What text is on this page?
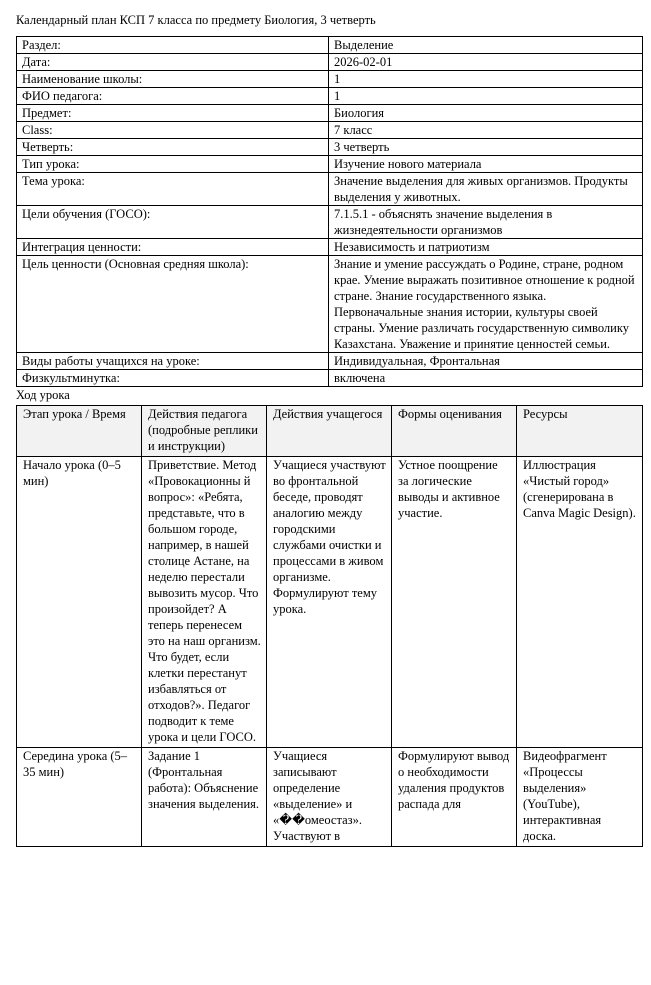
Календарный план КСП 7 класса по предмету Биология, 3 четверть

Раздел:	Выделение
Дата:	2026-02-01
Наименование школы:	1
ФИО педагога:	1
Предмет:	Биология
Class:	7 класс
Четверть:	3 четверть
Тип урока:	Изучение нового материала
Тема урока:	Значение выделения для живых организмов. Продукты выделения у животных.
Цели обучения (ГОСО):	7.1.5.1 - объяснять значение выделения в жизнедеятельности организмов
Интеграция ценности:	Независимость и патриотизм
Цель ценности (Основная средняя школа):	Знание и умение рассуждать о Родине, стране, родном крае. Умение выражать позитивное отношение к родной стране. Знание государственного языка. Первоначальные знания истории, культуры своей страны. Умение различать государственную символику Казахстана. Уважение и принятие ценностей семьи.
Виды работы учащихся на уроке:	Индивидуальная, Фронтальная
Физкультминутка:	включена

Ход урока

Этап урока / Время	Действия педагога (подробные реплики и инструкции)	Действия учащегося	Формы оценивания	Ресурсы
Начало урока (0–5 мин)	Приветствие. Метод «Провокационны й вопрос»: «Ребята, представьте, что в большом городе, например, в нашей столице Астане, на неделю перестали вывозить мусор. Что произойдет? А теперь перенесем это на наш организм. Что будет, если клетки перестанут избавляться от отходов?». Педагог подводит к теме урока и цели ГОСО.	Учащиеся участвуют во фронтальной беседе, проводят аналогию между городскими службами очистки и процессами в живом организме. Формулируют тему урока.	Устное поощрение за логические выводы и активное участие.	Иллюстрация «Чистый город» (сгенерирована в Canva Magic Design).
Середина урока (5–35 мин)	Задание 1 (Фронтальная работа): Объяснение значения выделения.	Учащиеся записывают определение «выделение» и «��омеостаз». Участвуют в	Формулируют вывод о необходимости удаления продуктов распада для	Видеофрагмент «Процессы выделения» (YouTube), интерактивная доска.
